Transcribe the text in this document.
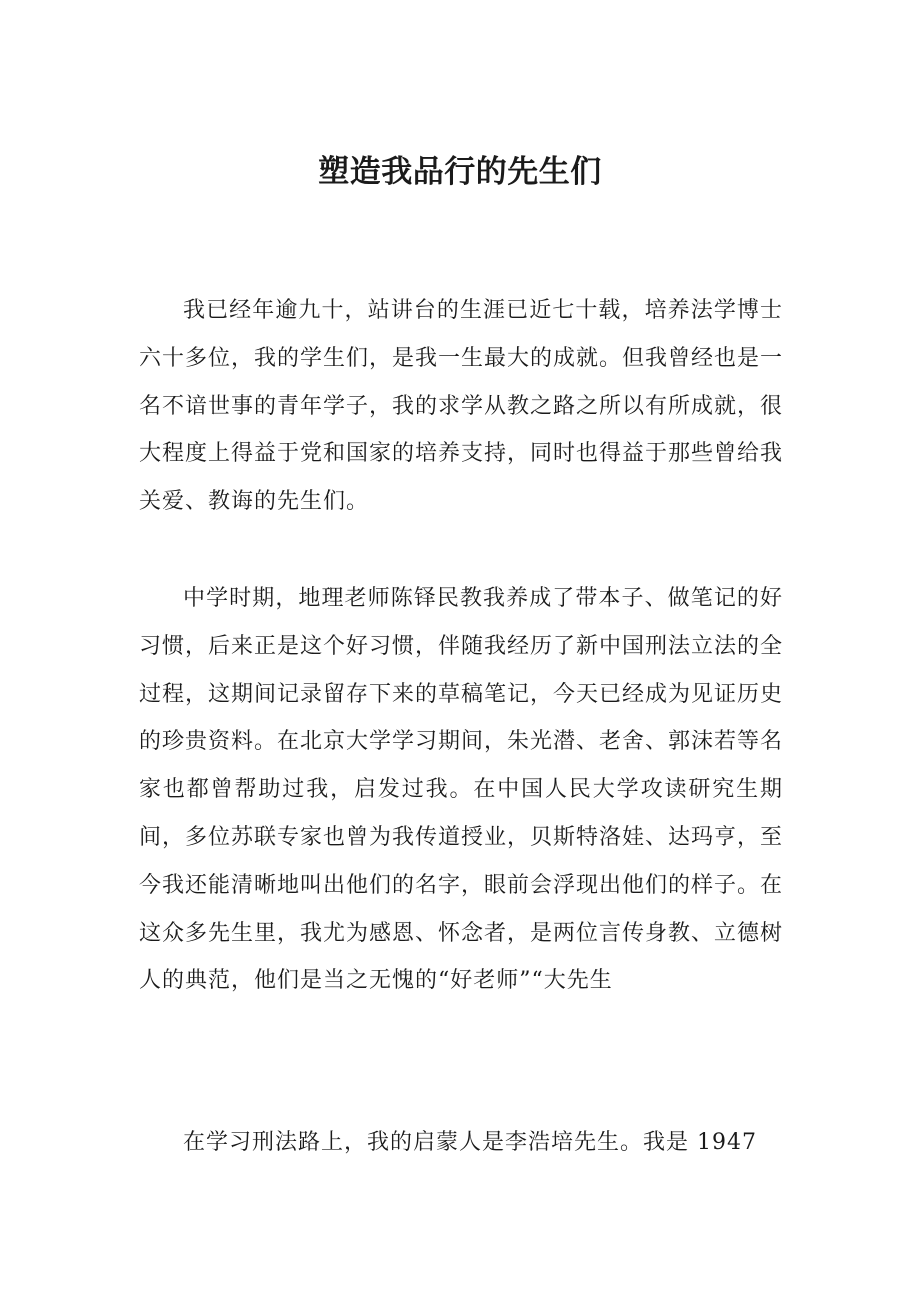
塑造我品行的先生们

我已经年逾九十，站讲台的生涯已近七十载，培养法学博士六十多位，我的学生们，是我一生最大的成就。但我曾经也是一名不谙世事的青年学子，我的求学从教之路之所以有所成就，很大程度上得益于党和国家的培养支持，同时也得益于那些曾给我关爱、教诲的先生们。

中学时期，地理老师陈铎民教我养成了带本子、做笔记的好习惯，后来正是这个好习惯，伴随我经历了新中国刑法立法的全过程，这期间记录留存下来的草稿笔记，今天已经成为见证历史的珍贵资料。在北京大学学习期间，朱光潜、老舍、郭沫若等名家也都曾帮助过我，启发过我。在中国人民大学攻读研究生期间，多位苏联专家也曾为我传道授业，贝斯特洛娃、达玛亨，至今我还能清晰地叫出他们的名字，眼前会浮现出他们的样子。在这众多先生里，我尤为感恩、怀念者，是两位言传身教、立德树人的典范，他们是当之无愧的“好老师”“大先生

在学习刑法路上，我的启蒙人是李浩培先生。我是 1947
